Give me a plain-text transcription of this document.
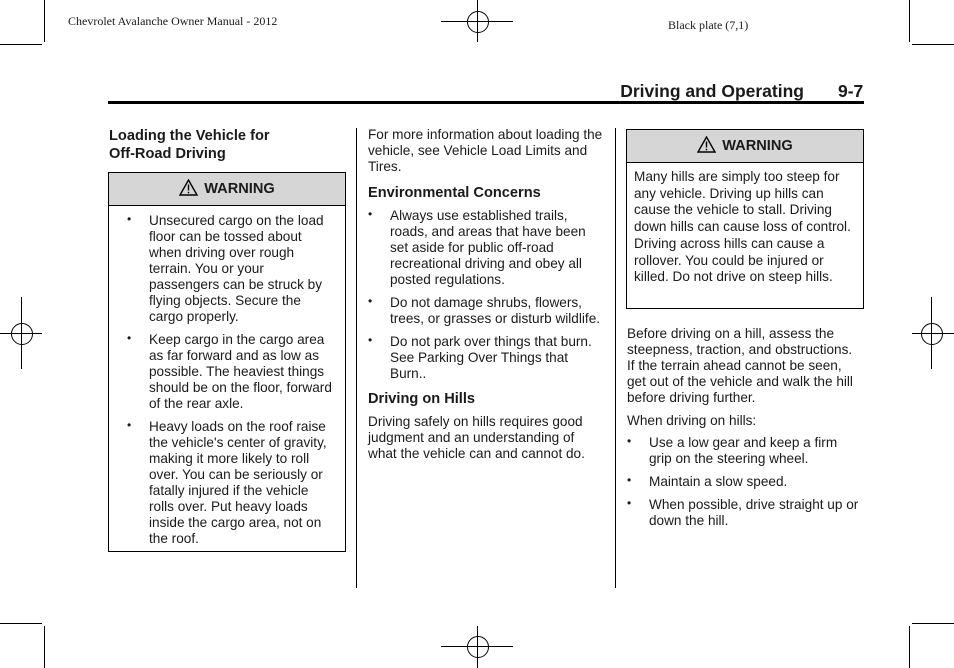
Chevrolet Avalanche Owner Manual - 2012	Black plate (7,1)
Driving and Operating 9-7

Loading the Vehicle for
Off-Road Driving

WARNING
• Unsecured cargo on the load floor can be tossed about when driving over rough terrain. You or your passengers can be struck by flying objects. Secure the cargo properly.
• Keep cargo in the cargo area as far forward and as low as possible. The heaviest things should be on the floor, forward of the rear axle.
• Heavy loads on the roof raise the vehicle's center of gravity, making it more likely to roll over. You can be seriously or fatally injured if the vehicle rolls over. Put heavy loads inside the cargo area, not on the roof.

For more information about loading the vehicle, see Vehicle Load Limits and Tires.

Environmental Concerns

• Always use established trails, roads, and areas that have been set aside for public off-road recreational driving and obey all posted regulations.
• Do not damage shrubs, flowers, trees, or grasses or disturb wildlife.
• Do not park over things that burn. See Parking Over Things that Burn..

Driving on Hills

Driving safely on hills requires good judgment and an understanding of what the vehicle can and cannot do.

WARNING

Many hills are simply too steep for any vehicle. Driving up hills can cause the vehicle to stall. Driving down hills can cause loss of control. Driving across hills can cause a rollover. You could be injured or killed. Do not drive on steep hills.

Before driving on a hill, assess the steepness, traction, and obstructions. If the terrain ahead cannot be seen, get out of the vehicle and walk the hill before driving further.

When driving on hills:

• Use a low gear and keep a firm grip on the steering wheel.
• Maintain a slow speed.
• When possible, drive straight up or down the hill.
